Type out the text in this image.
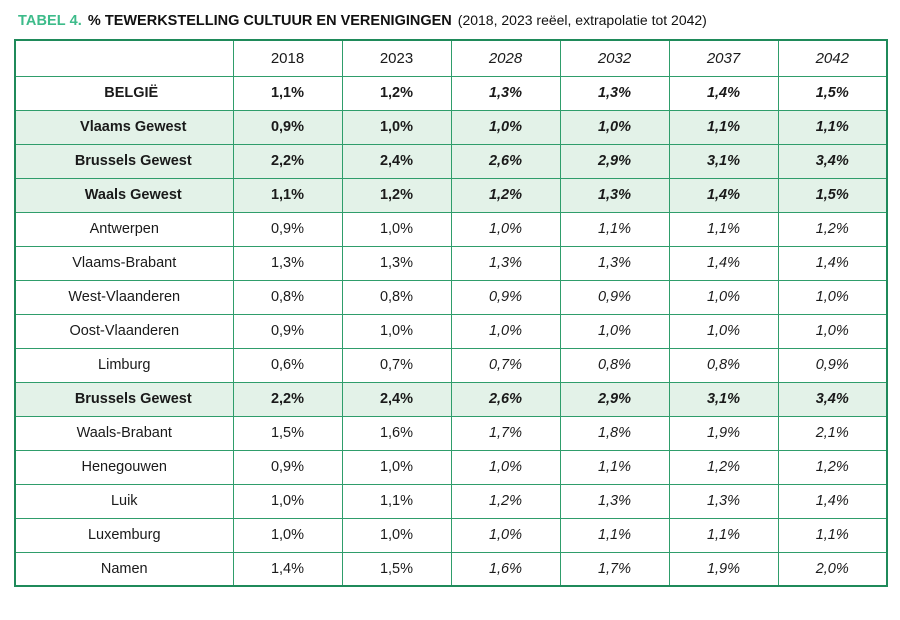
TABEL 4. % TEWERKSTELLING CULTUUR EN VERENIGINGEN (2018, 2023 reëel, extrapolatie tot 2042)
	2018	2023	2028	2032	2037	2042
BELGIË	1,1%	1,2%	1,3%	1,3%	1,4%	1,5%
Vlaams Gewest	0,9%	1,0%	1,0%	1,0%	1,1%	1,1%
Brussels Gewest	2,2%	2,4%	2,6%	2,9%	3,1%	3,4%
Waals Gewest	1,1%	1,2%	1,2%	1,3%	1,4%	1,5%
Antwerpen	0,9%	1,0%	1,0%	1,1%	1,1%	1,2%
Vlaams-Brabant	1,3%	1,3%	1,3%	1,3%	1,4%	1,4%
West-Vlaanderen	0,8%	0,8%	0,9%	0,9%	1,0%	1,0%
Oost-Vlaanderen	0,9%	1,0%	1,0%	1,0%	1,0%	1,0%
Limburg	0,6%	0,7%	0,7%	0,8%	0,8%	0,9%
Brussels Gewest	2,2%	2,4%	2,6%	2,9%	3,1%	3,4%
Waals-Brabant	1,5%	1,6%	1,7%	1,8%	1,9%	2,1%
Henegouwen	0,9%	1,0%	1,0%	1,1%	1,2%	1,2%
Luik	1,0%	1,1%	1,2%	1,3%	1,3%	1,4%
Luxemburg	1,0%	1,0%	1,0%	1,1%	1,1%	1,1%
Namen	1,4%	1,5%	1,6%	1,7%	1,9%	2,0%
